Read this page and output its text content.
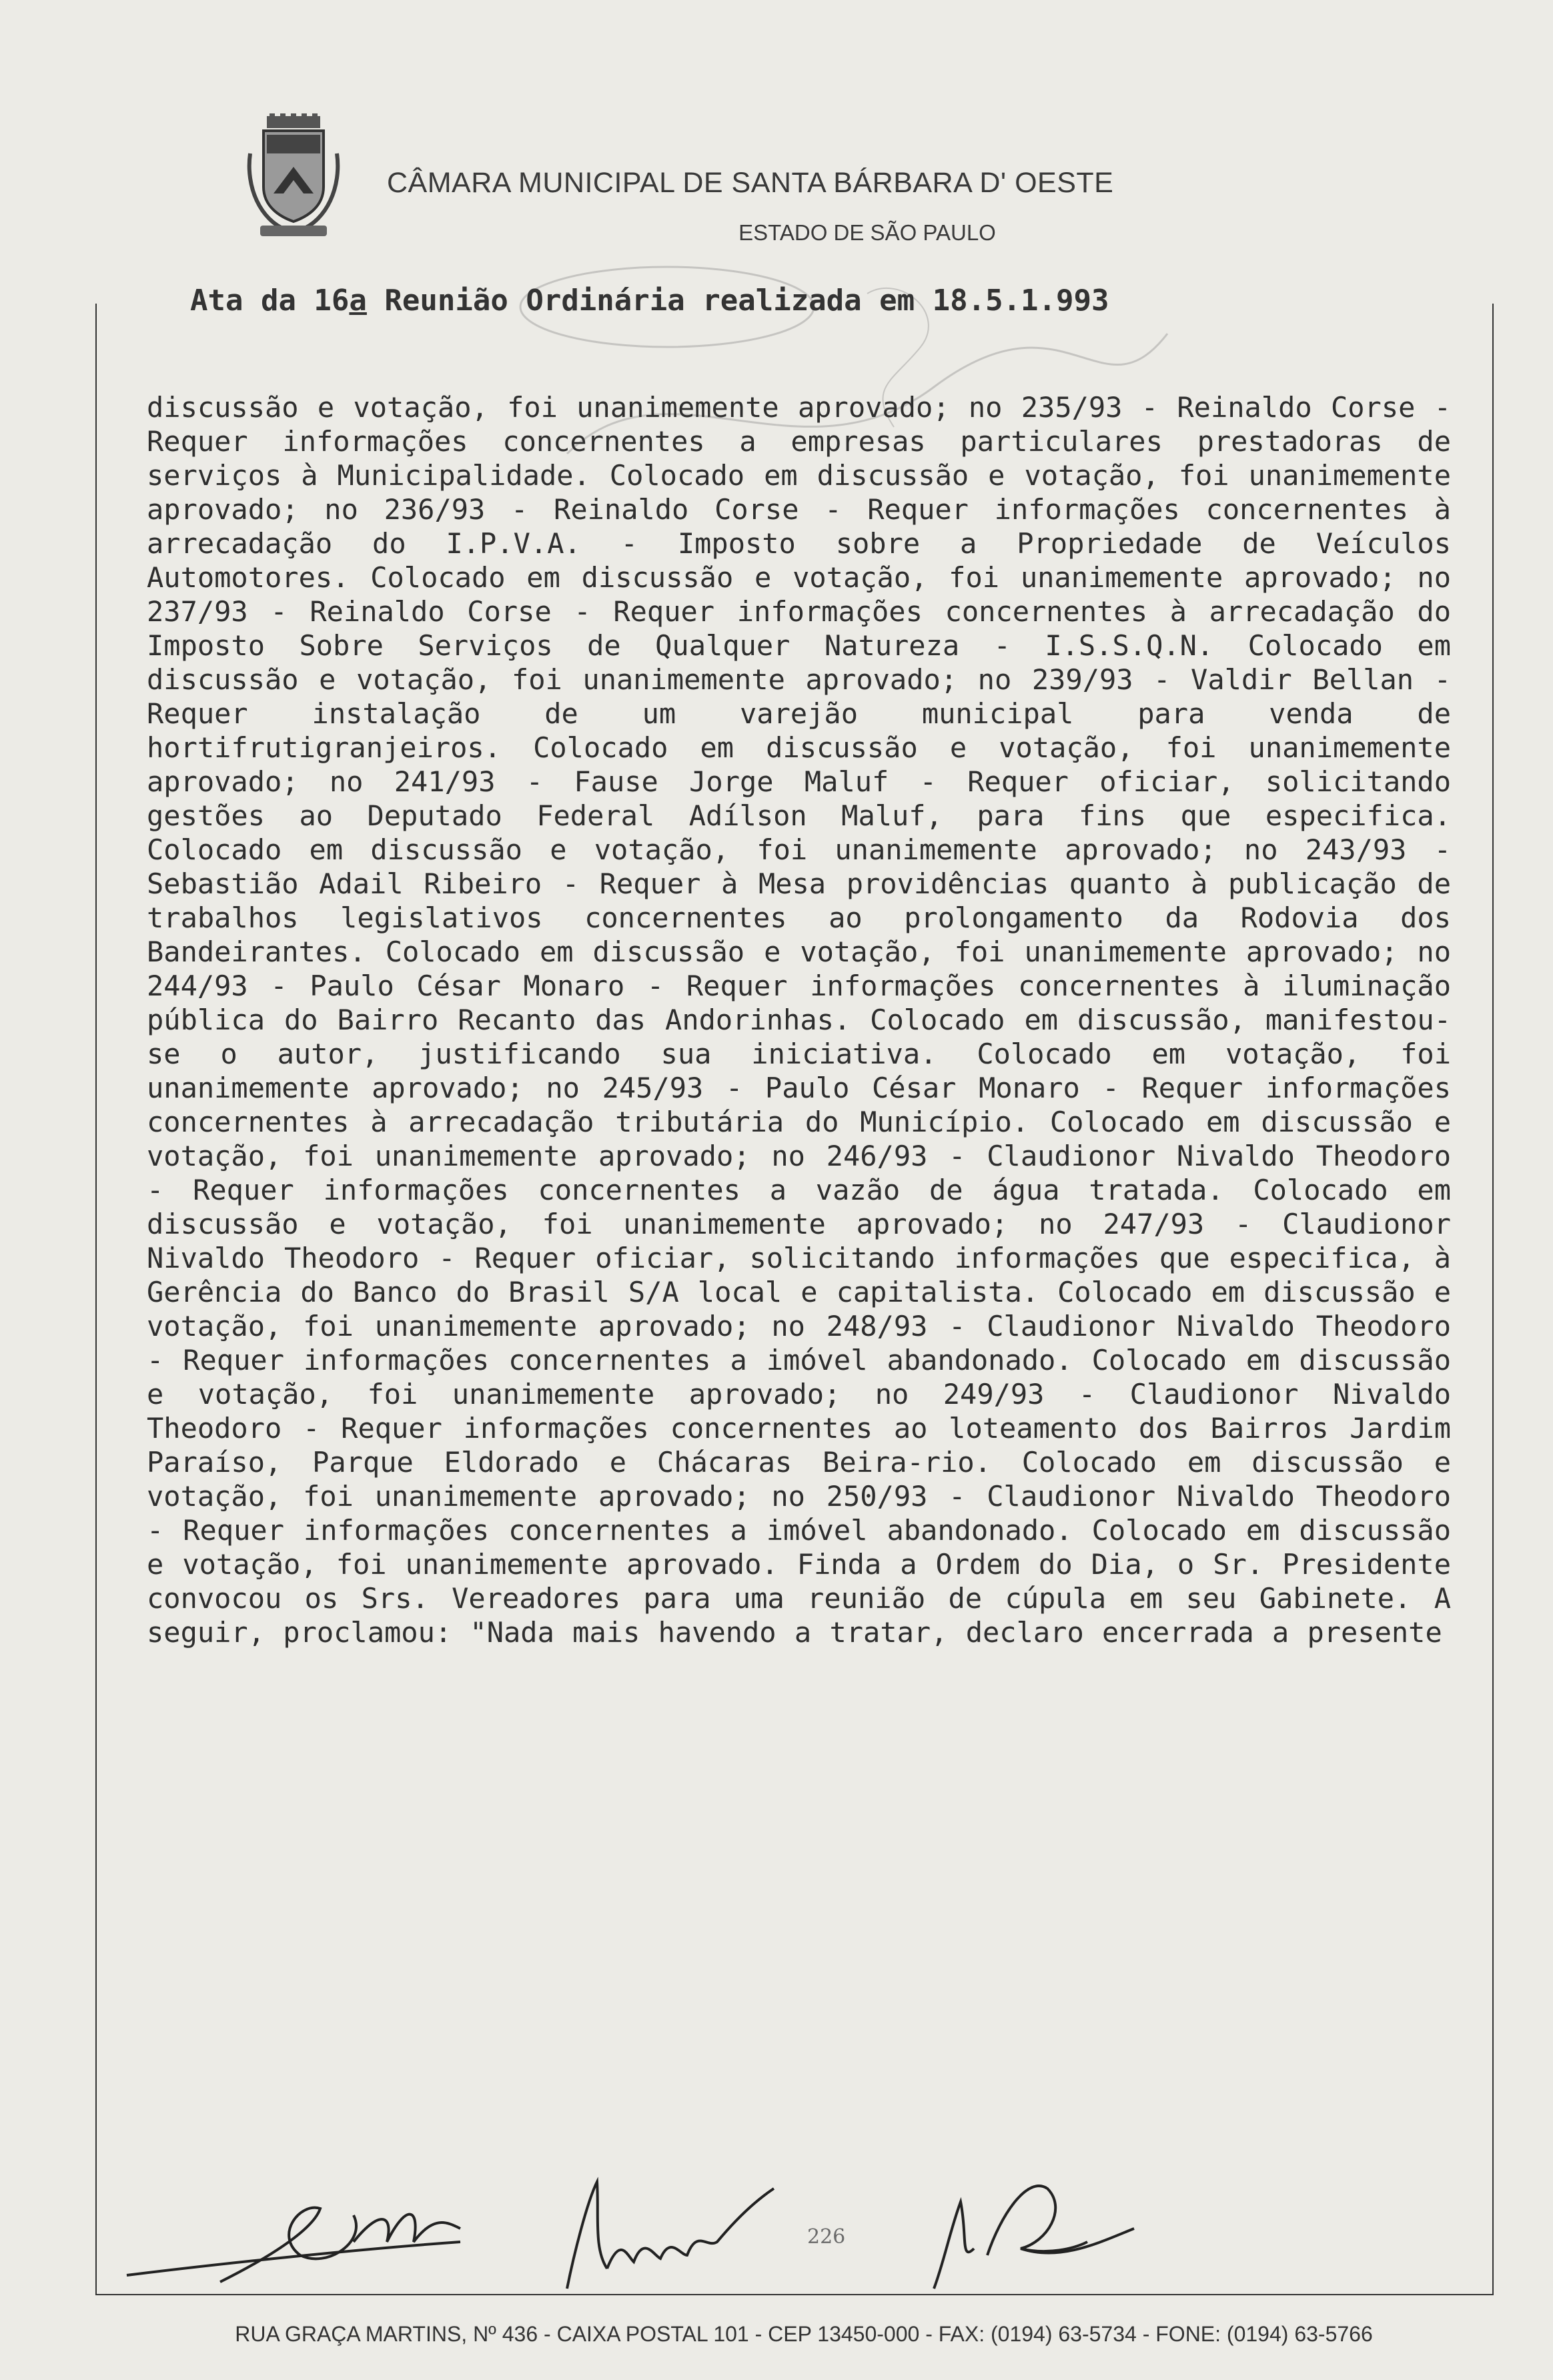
CÂMARA MUNICIPAL DE SANTA BÁRBARA D' OESTE
ESTADO DE SÃO PAULO
Ata da 16a Reunião Ordinária realizada em 18.5.1.993
discussão e votação, foi unanimemente aprovado; no 235/93 - Reinaldo Corse - Requer informações concernentes a empresas particulares prestadoras de serviços à Municipalidade. Colocado em discussão e votação, foi unanimemente aprovado; no 236/93 - Reinaldo Corse - Requer informações concernentes à arrecadação do I.P.V.A. - Imposto sobre a Propriedade de Veículos Automotores. Colocado em discussão e votação, foi unanimemente aprovado; no 237/93 - Reinaldo Corse - Requer informações concernentes à arrecadação do Imposto Sobre Serviços de Qualquer Natureza - I.S.S.Q.N. Colocado em discussão e votação, foi unanimemente aprovado; no 239/93 - Valdir Bellan - Requer instalação de um varejão municipal para venda de hortifrutigranjeiros. Colocado em discussão e votação, foi unanimemente aprovado; no 241/93 - Fause Jorge Maluf - Requer oficiar, solicitando gestões ao Deputado Federal Adílson Maluf, para fins que especifica. Colocado em discussão e votação, foi unanimemente aprovado; no 243/93 - Sebastião Adail Ribeiro - Requer à Mesa providências quanto à publicação de trabalhos legislativos concernentes ao prolongamento da Rodovia dos Bandeirantes. Colocado em discussão e votação, foi unanimemente aprovado; no 244/93 - Paulo César Monaro - Requer informações concernentes à iluminação pública do Bairro Recanto das Andorinhas. Colocado em discussão, manifestou-se o autor, justificando sua iniciativa. Colocado em votação, foi unanimemente aprovado; no 245/93 - Paulo César Monaro - Requer informações concernentes à arrecadação tributária do Município. Colocado em discussão e votação, foi unanimemente aprovado; no 246/93 - Claudionor Nivaldo Theodoro - Requer informações concernentes a vazão de água tratada. Colocado em discussão e votação, foi unanimemente aprovado; no 247/93 - Claudionor Nivaldo Theodoro - Requer oficiar, solicitando informações que especifica, à Gerência do Banco do Brasil S/A local e capitalista. Colocado em discussão e votação, foi unanimemente aprovado; no 248/93 - Claudionor Nivaldo Theodoro - Requer informações concernentes a imóvel abandonado. Colocado em discussão e votação, foi unanimemente aprovado; no 249/93 - Claudionor Nivaldo Theodoro - Requer informações concernentes ao loteamento dos Bairros Jardim Paraíso, Parque Eldorado e Chácaras Beira-rio. Colocado em discussão e votação, foi unanimemente aprovado; no 250/93 - Claudionor Nivaldo Theodoro - Requer informações concernentes a imóvel abandonado. Colocado em discussão e votação, foi unanimemente aprovado. Finda a Ordem do Dia, o Sr. Presidente convocou os Srs. Vereadores para uma reunião de cúpula em seu Gabinete. A seguir, proclamou: "Nada mais havendo a tratar, declaro encerrada a presente
226
RUA GRAÇA MARTINS, Nº 436 - CAIXA POSTAL 101 - CEP 13450-000 - FAX: (0194) 63-5734 - FONE: (0194) 63-5766
